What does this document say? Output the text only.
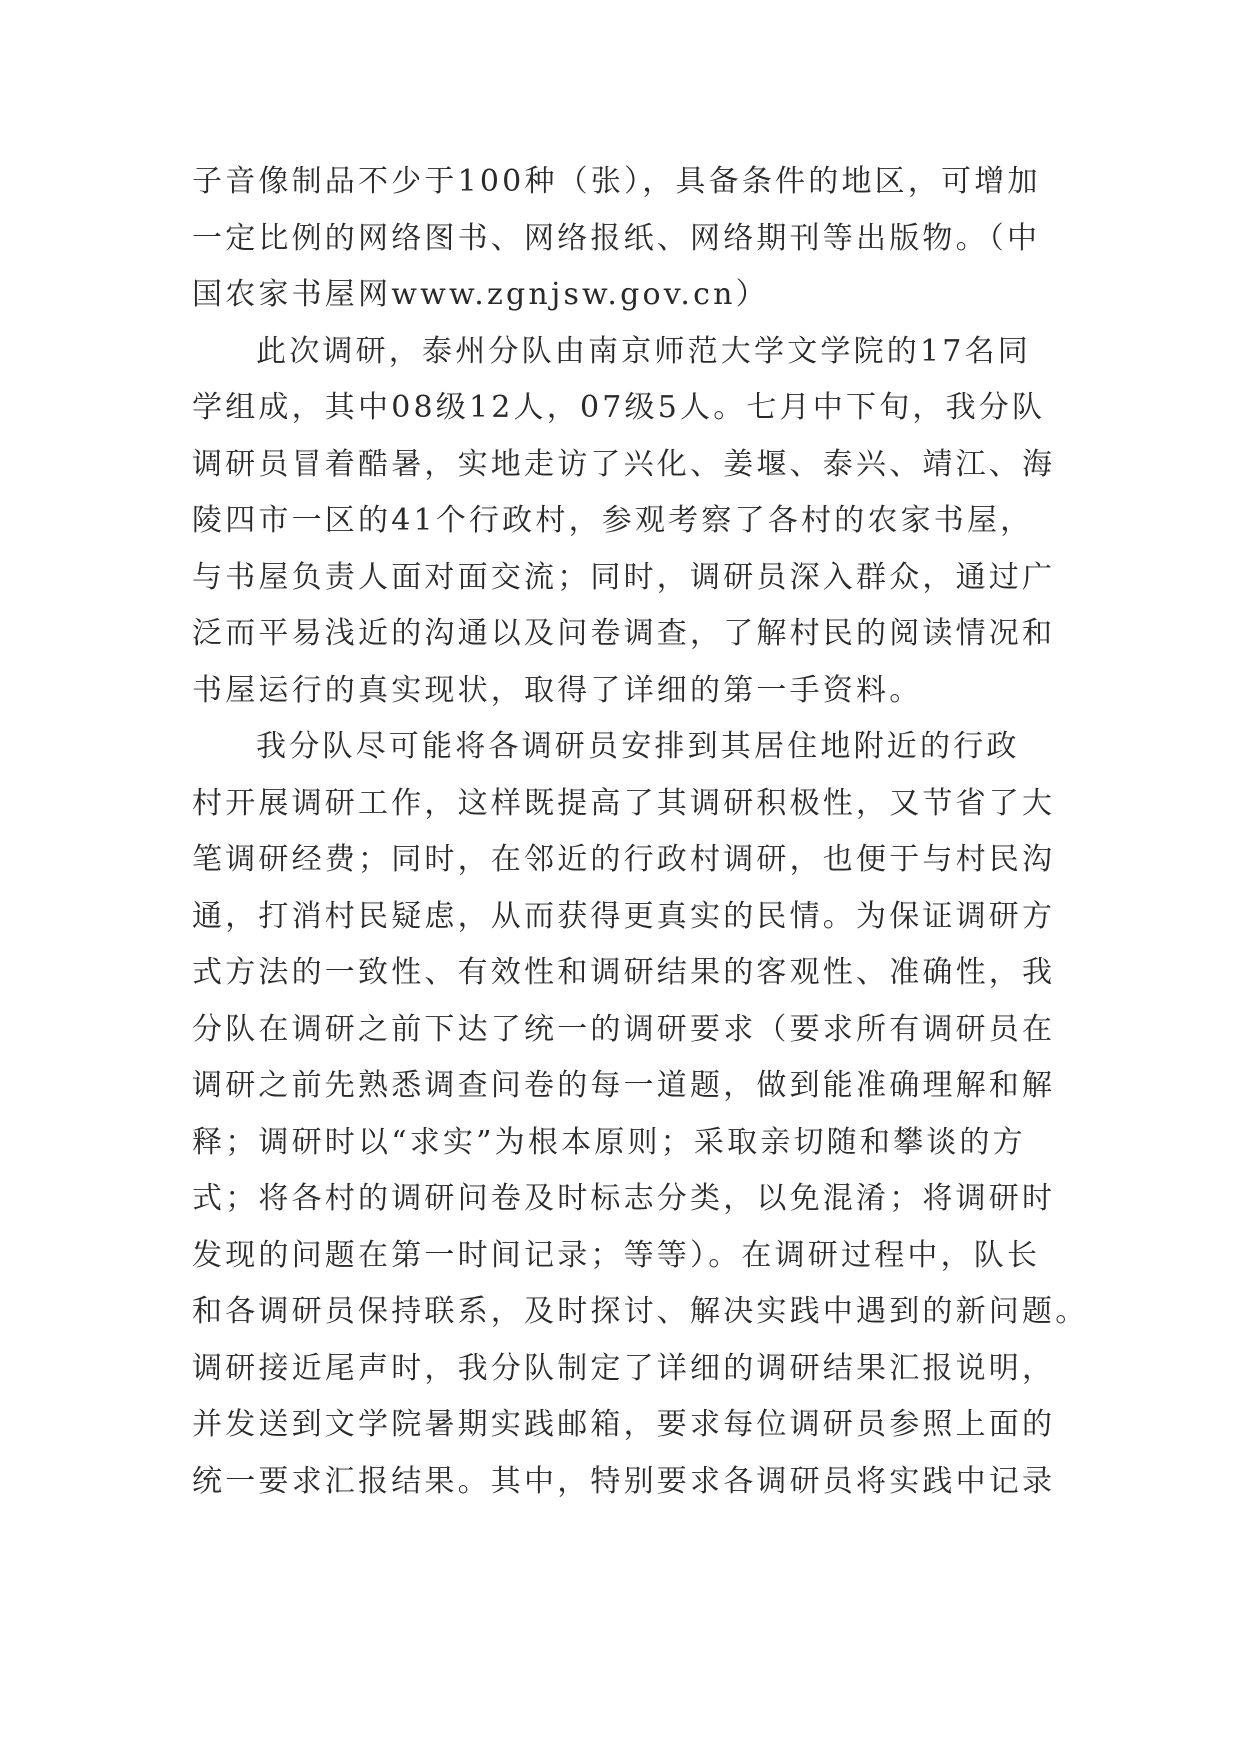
子音像制品不少于100种（张），具备条件的地区，可增加
一定比例的网络图书、网络报纸、网络期刊等出版物。（中
国农家书屋网www.zgnjsw.gov.cn）
此次调研，泰州分队由南京师范大学文学院的17名同
学组成，其中08级12人，07级5人。七月中下旬，我分队
调研员冒着酷暑，实地走访了兴化、姜堰、泰兴、靖江、海
陵四市一区的41个行政村，参观考察了各村的农家书屋，
与书屋负责人面对面交流；同时，调研员深入群众，通过广
泛而平易浅近的沟通以及问卷调查，了解村民的阅读情况和
书屋运行的真实现状，取得了详细的第一手资料。
我分队尽可能将各调研员安排到其居住地附近的行政
村开展调研工作，这样既提高了其调研积极性，又节省了大
笔调研经费；同时，在邻近的行政村调研，也便于与村民沟
通，打消村民疑虑，从而获得更真实的民情。为保证调研方
式方法的一致性、有效性和调研结果的客观性、准确性，我
分队在调研之前下达了统一的调研要求（要求所有调研员在
调研之前先熟悉调查问卷的每一道题，做到能准确理解和解
释；调研时以“求实”为根本原则；采取亲切随和攀谈的方
式；将各村的调研问卷及时标志分类，以免混淆；将调研时
发现的问题在第一时间记录；等等）。在调研过程中，队长
和各调研员保持联系，及时探讨、解决实践中遇到的新问题。
调研接近尾声时，我分队制定了详细的调研结果汇报说明，
并发送到文学院暑期实践邮箱，要求每位调研员参照上面的
统一要求汇报结果。其中，特别要求各调研员将实践中记录
